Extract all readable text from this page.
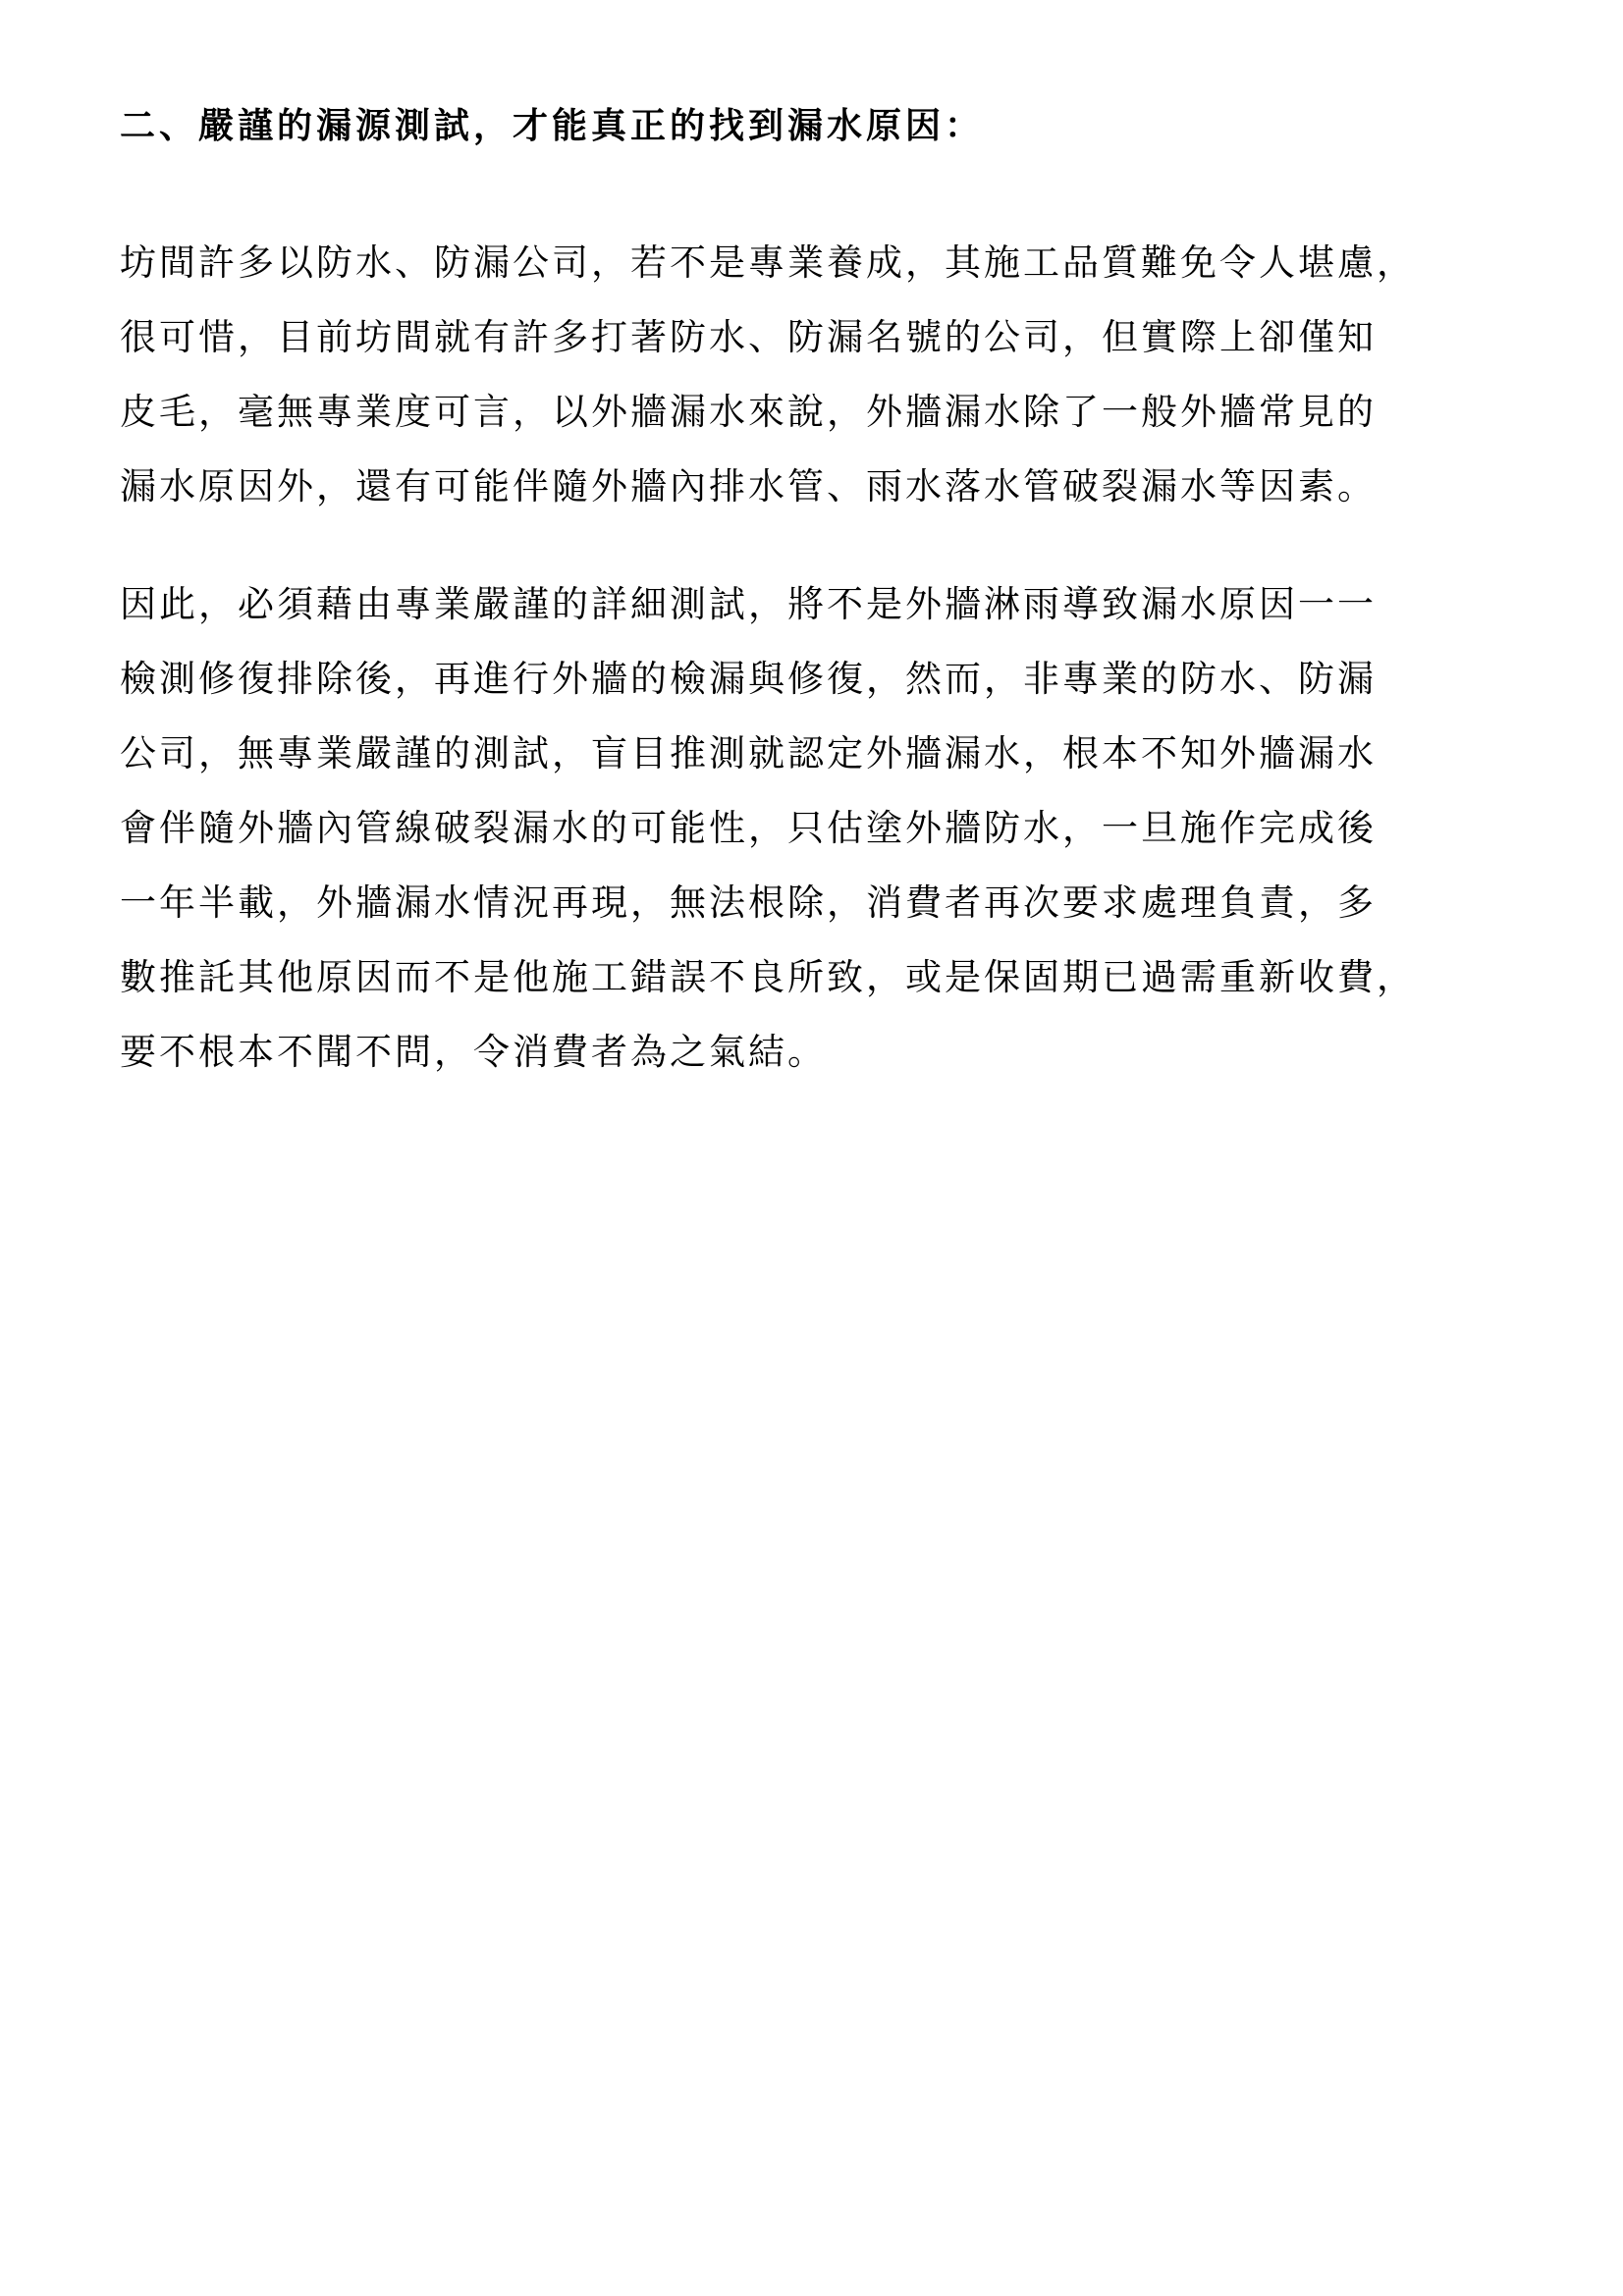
二、嚴謹的漏源測試，才能真正的找到漏水原因：

坊間許多以防水、防漏公司，若不是專業養成，其施工品質難免令人堪慮，
很可惜，目前坊間就有許多打著防水、防漏名號的公司，但實際上卻僅知
皮毛，毫無專業度可言，以外牆漏水來說，外牆漏水除了一般外牆常見的
漏水原因外，還有可能伴隨外牆內排水管、雨水落水管破裂漏水等因素。

因此，必須藉由專業嚴謹的詳細測試，將不是外牆淋雨導致漏水原因一一
檢測修復排除後，再進行外牆的檢漏與修復，然而，非專業的防水、防漏
公司，無專業嚴謹的測試，盲目推測就認定外牆漏水，根本不知外牆漏水
會伴隨外牆內管線破裂漏水的可能性，只估塗外牆防水，一旦施作完成後
一年半載，外牆漏水情況再現，無法根除，消費者再次要求處理負責，多
數推託其他原因而不是他施工錯誤不良所致，或是保固期已過需重新收費，
要不根本不聞不問，令消費者為之氣結。
